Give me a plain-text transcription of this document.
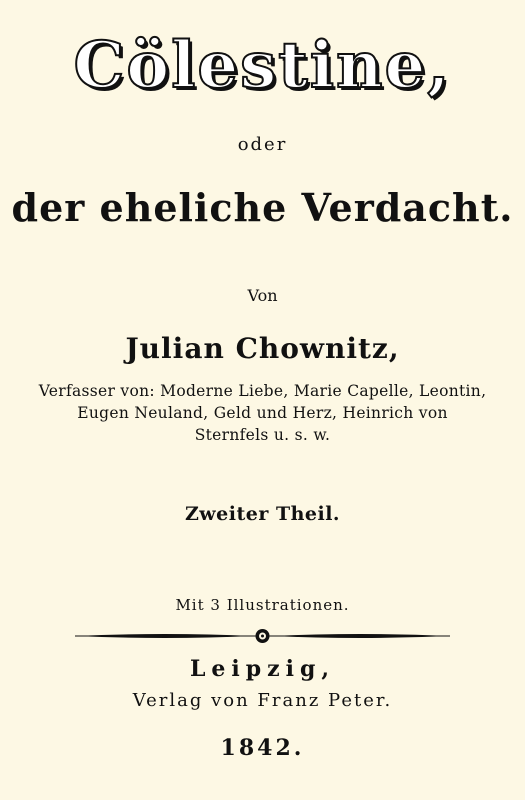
Cölestine,
oder
der eheliche Verdacht.
Von
Julian Chownitz,
Verfasser von: Moderne Liebe, Marie Capelle, Leontin,
Eugen Neuland, Geld und Herz, Heinrich von
Sternfels u. s. w.
Zweiter Theil.
Mit 3 Illustrationen.
Leipzig,
Verlag von Franz Peter.
1842.
